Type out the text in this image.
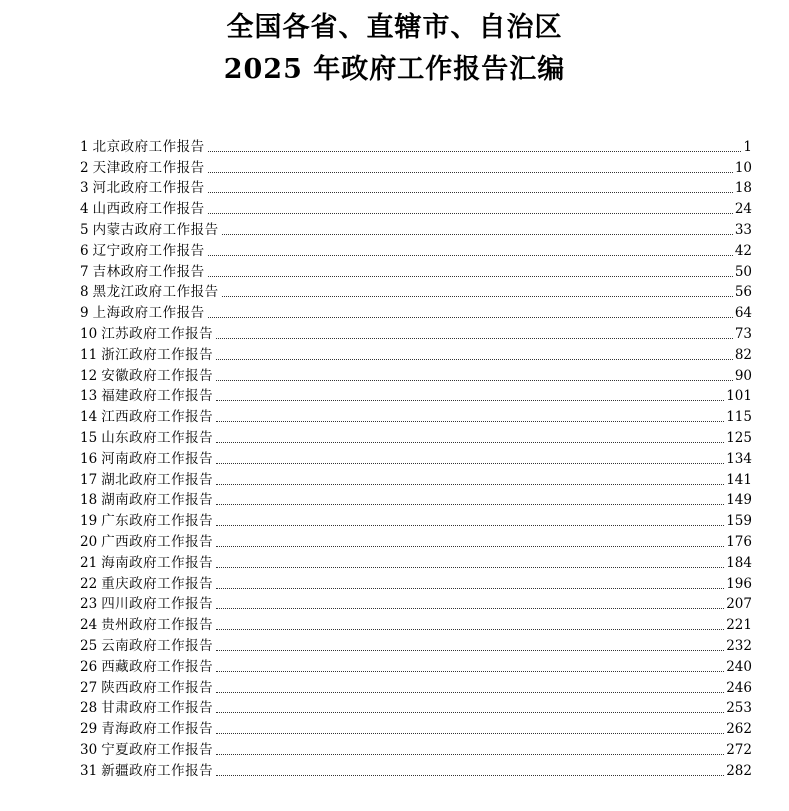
全国各省、直辖市、自治区
2025 年政府工作报告汇编
1 北京政府工作报告	1
2 天津政府工作报告	10
3 河北政府工作报告	18
4 山西政府工作报告	24
5 内蒙古政府工作报告	33
6 辽宁政府工作报告	42
7 吉林政府工作报告	50
8 黑龙江政府工作报告	56
9 上海政府工作报告	64
10 江苏政府工作报告	73
11 浙江政府工作报告	82
12 安徽政府工作报告	90
13 福建政府工作报告	101
14 江西政府工作报告	115
15 山东政府工作报告	125
16 河南政府工作报告	134
17 湖北政府工作报告	141
18 湖南政府工作报告	149
19 广东政府工作报告	159
20 广西政府工作报告	176
21 海南政府工作报告	184
22 重庆政府工作报告	196
23 四川政府工作报告	207
24 贵州政府工作报告	221
25 云南政府工作报告	232
26 西藏政府工作报告	240
27 陕西政府工作报告	246
28 甘肃政府工作报告	253
29 青海政府工作报告	262
30 宁夏政府工作报告	272
31 新疆政府工作报告	282
